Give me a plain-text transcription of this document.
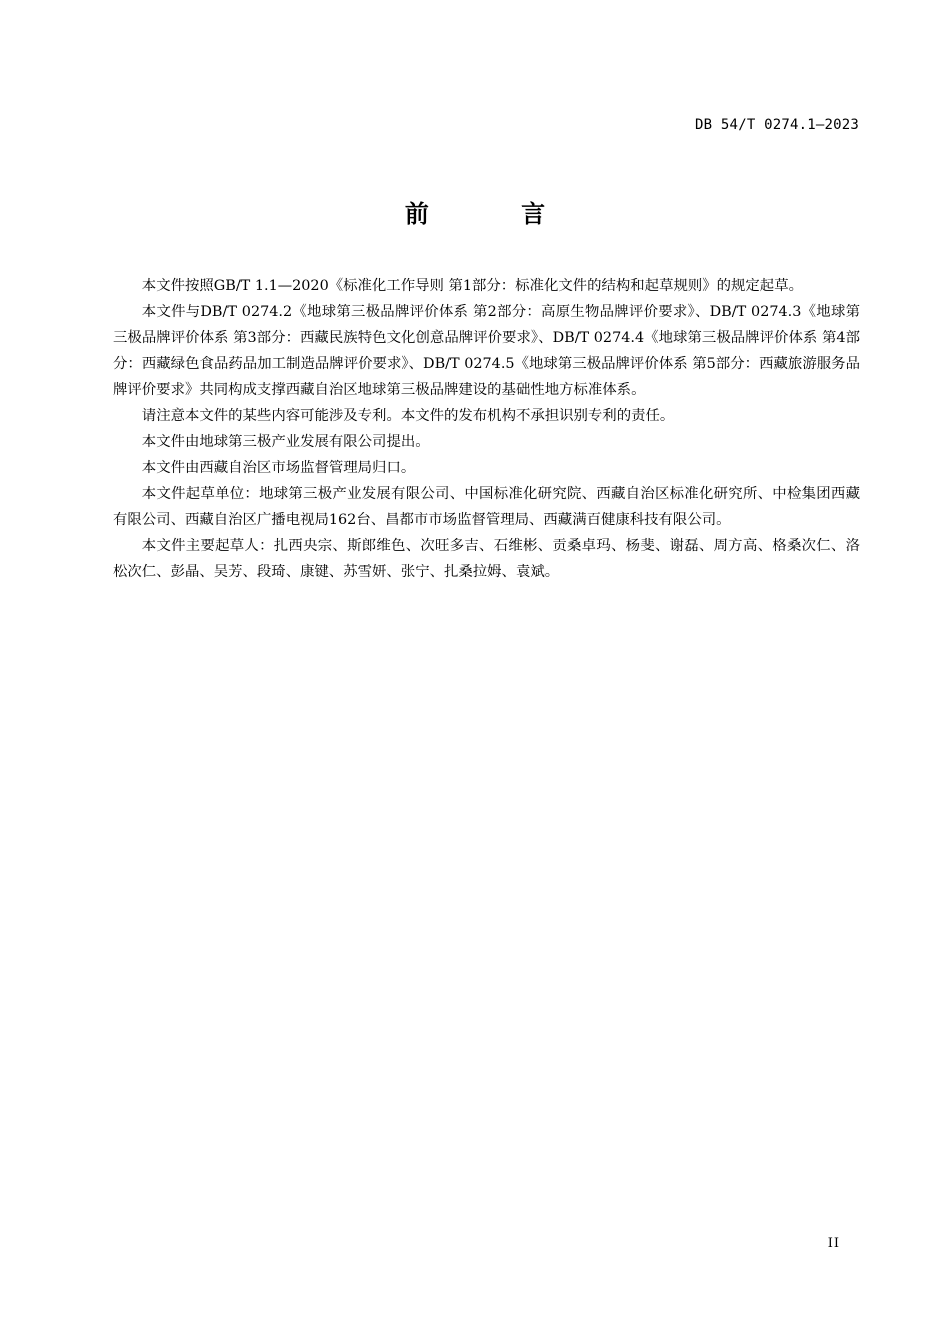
DB 54/T 0274.1—2023
前 言

本文件按照GB/T 1.1—2020《标准化工作导则 第1部分：标准化文件的结构和起草规则》的规定起草。

本文件与DB/T 0274.2《地球第三极品牌评价体系 第2部分：高原生物品牌评价要求》、DB/T 0274.3《地球第三极品牌评价体系 第3部分：西藏民族特色文化创意品牌评价要求》、DB/T 0274.4《地球第三极品牌评价体系 第4部分：西藏绿色食品药品加工制造品牌评价要求》、DB/T 0274.5《地球第三极品牌评价体系 第5部分：西藏旅游服务品牌评价要求》共同构成支撑西藏自治区地球第三极品牌建设的基础性地方标准体系。

请注意本文件的某些内容可能涉及专利。本文件的发布机构不承担识别专利的责任。

本文件由地球第三极产业发展有限公司提出。

本文件由西藏自治区市场监督管理局归口。

本文件起草单位：地球第三极产业发展有限公司、中国标准化研究院、西藏自治区标准化研究所、中检集团西藏有限公司、西藏自治区广播电视局162台、昌都市市场监督管理局、西藏满百健康科技有限公司。

本文件主要起草人：扎西央宗、斯郎维色、次旺多吉、石维彬、贡桑卓玛、杨斐、谢磊、周方高、格桑次仁、洛松次仁、彭晶、吴芳、段琦、康键、苏雪妍、张宁、扎桑拉姆、袁斌。

II
